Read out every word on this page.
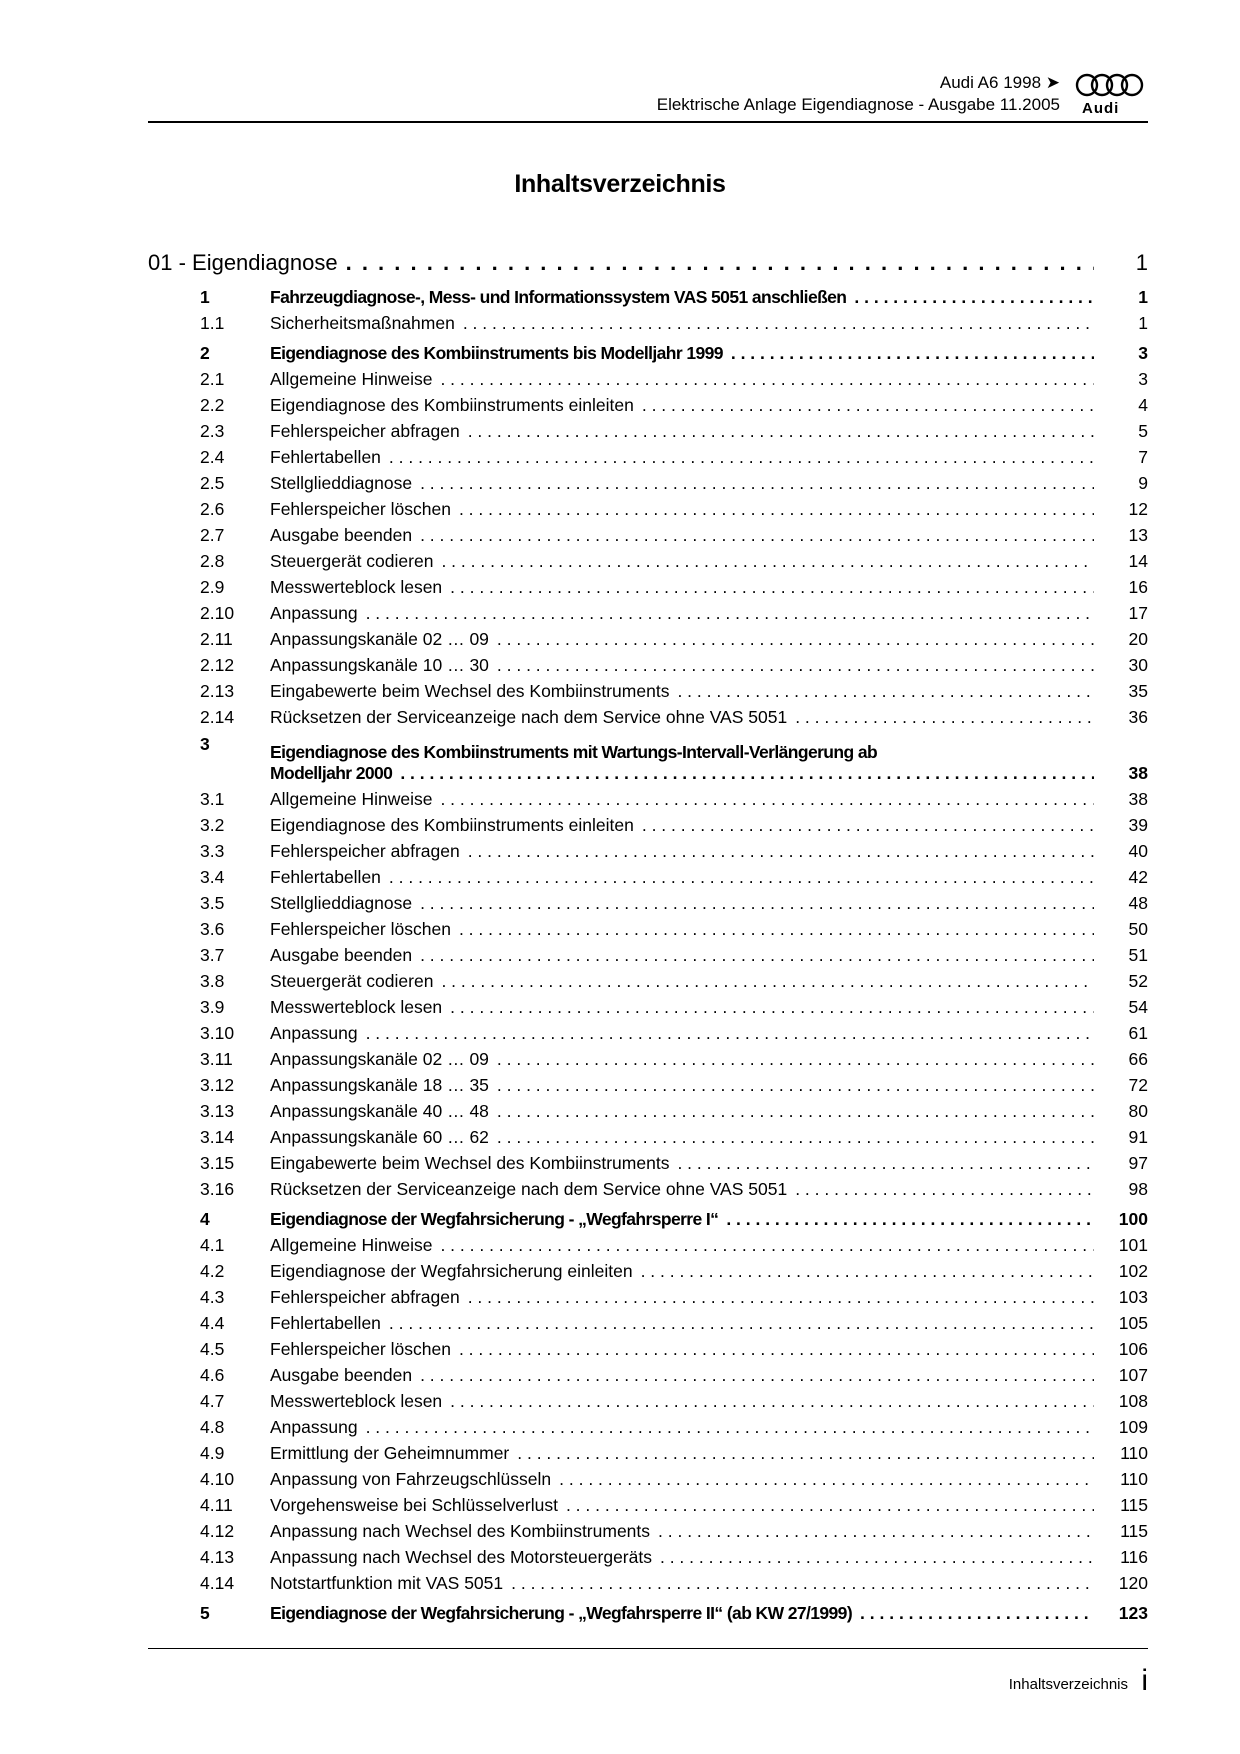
Audi A6 1998 ➤
Elektrische Anlage Eigendiagnose - Ausgabe 11.2005 Audi
Inhaltsverzeichnis
01 - Eigendiagnose . . .	1
1	Fahrzeugdiagnose-, Mess- und Informationssystem VAS 5051 anschließen . . .	1
1.1	Sicherheitsmaßnahmen . . .	1
2	Eigendiagnose des Kombiinstruments bis Modelljahr 1999 . . .	3
2.1	Allgemeine Hinweise . . .	3
2.2	Eigendiagnose des Kombiinstruments einleiten . . .	4
2.3	Fehlerspeicher abfragen . . .	5
2.4	Fehlertabellen . . .	7
2.5	Stellglieddiagnose . . .	9
2.6	Fehlerspeicher löschen . . .	12
2.7	Ausgabe beenden . . .	13
2.8	Steuergerät codieren . . .	14
2.9	Messwerteblock lesen . . .	16
2.10	Anpassung . . .	17
2.11	Anpassungskanäle 02 … 09 . . .	20
2.12	Anpassungskanäle 10 … 30 . . .	30
2.13	Eingabewerte beim Wechsel des Kombiinstruments . . .	35
2.14	Rücksetzen der Serviceanzeige nach dem Service ohne VAS 5051 . . .	36
3	Eigendiagnose des Kombiinstruments mit Wartungs-Intervall-Verlängerung ab
Modelljahr 2000 . . .	38
3.1	Allgemeine Hinweise . . .	38
3.2	Eigendiagnose des Kombiinstruments einleiten . . .	39
3.3	Fehlerspeicher abfragen . . .	40
3.4	Fehlertabellen . . .	42
3.5	Stellglieddiagnose . . .	48
3.6	Fehlerspeicher löschen . . .	50
3.7	Ausgabe beenden . . .	51
3.8	Steuergerät codieren . . .	52
3.9	Messwerteblock lesen . . .	54
3.10	Anpassung . . .	61
3.11	Anpassungskanäle 02 … 09 . . .	66
3.12	Anpassungskanäle 18 … 35 . . .	72
3.13	Anpassungskanäle 40 … 48 . . .	80
3.14	Anpassungskanäle 60 … 62 . . .	91
3.15	Eingabewerte beim Wechsel des Kombiinstruments . . .	97
3.16	Rücksetzen der Serviceanzeige nach dem Service ohne VAS 5051 . . .	98
4	Eigendiagnose der Wegfahrsicherung - „Wegfahrsperre I“ . . .	100
4.1	Allgemeine Hinweise . . .	101
4.2	Eigendiagnose der Wegfahrsicherung einleiten . . .	102
4.3	Fehlerspeicher abfragen . . .	103
4.4	Fehlertabellen . . .	105
4.5	Fehlerspeicher löschen . . .	106
4.6	Ausgabe beenden . . .	107
4.7	Messwerteblock lesen . . .	108
4.8	Anpassung . . .	109
4.9	Ermittlung der Geheimnummer . . .	110
4.10	Anpassung von Fahrzeugschlüsseln . . .	110
4.11	Vorgehensweise bei Schlüsselverlust . . .	115
4.12	Anpassung nach Wechsel des Kombiinstruments . . .	115
4.13	Anpassung nach Wechsel des Motorsteuergeräts . . .	116
4.14	Notstartfunktion mit VAS 5051 . . .	120
5	Eigendiagnose der Wegfahrsicherung - „Wegfahrsperre II“ (ab KW 27/1999) . . .	123
Inhaltsverzeichnis i
